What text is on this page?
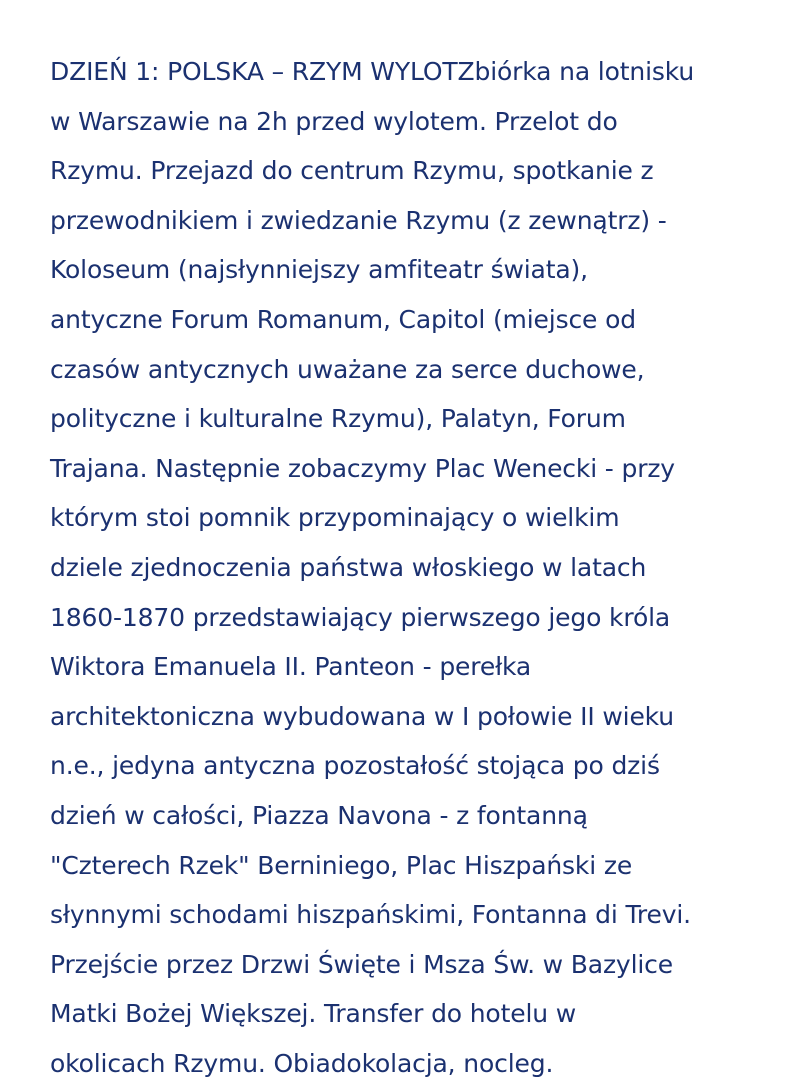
DZIEŃ 1: POLSKA – RZYM WYLOTZbiórka na lotnisku
w Warszawie na 2h przed wylotem. Przelot do
Rzymu. Przejazd do centrum Rzymu, spotkanie z
przewodnikiem i zwiedzanie Rzymu (z zewnątrz) -
Koloseum (najsłynniejszy amfiteatr świata),
antyczne Forum Romanum, Capitol (miejsce od
czasów antycznych uważane za serce duchowe,
polityczne i kulturalne Rzymu), Palatyn, Forum
Trajana. Następnie zobaczymy Plac Wenecki - przy
którym stoi pomnik przypominający o wielkim
dziele zjednoczenia państwa włoskiego w latach
1860-1870 przedstawiający pierwszego jego króla
Wiktora Emanuela II. Panteon - perełka
architektoniczna wybudowana w I połowie II wieku
n.e., jedyna antyczna pozostałość stojąca po dziś
dzień w całości, Piazza Navona - z fontanną
"Czterech Rzek" Berniniego, Plac Hiszpański ze
słynnymi schodami hiszpańskimi, Fontanna di Trevi.
Przejście przez Drzwi Święte i Msza Św. w Bazylice
Matki Bożej Większej. Transfer do hotelu w
okolicach Rzymu. Obiadokolacja, nocleg.
